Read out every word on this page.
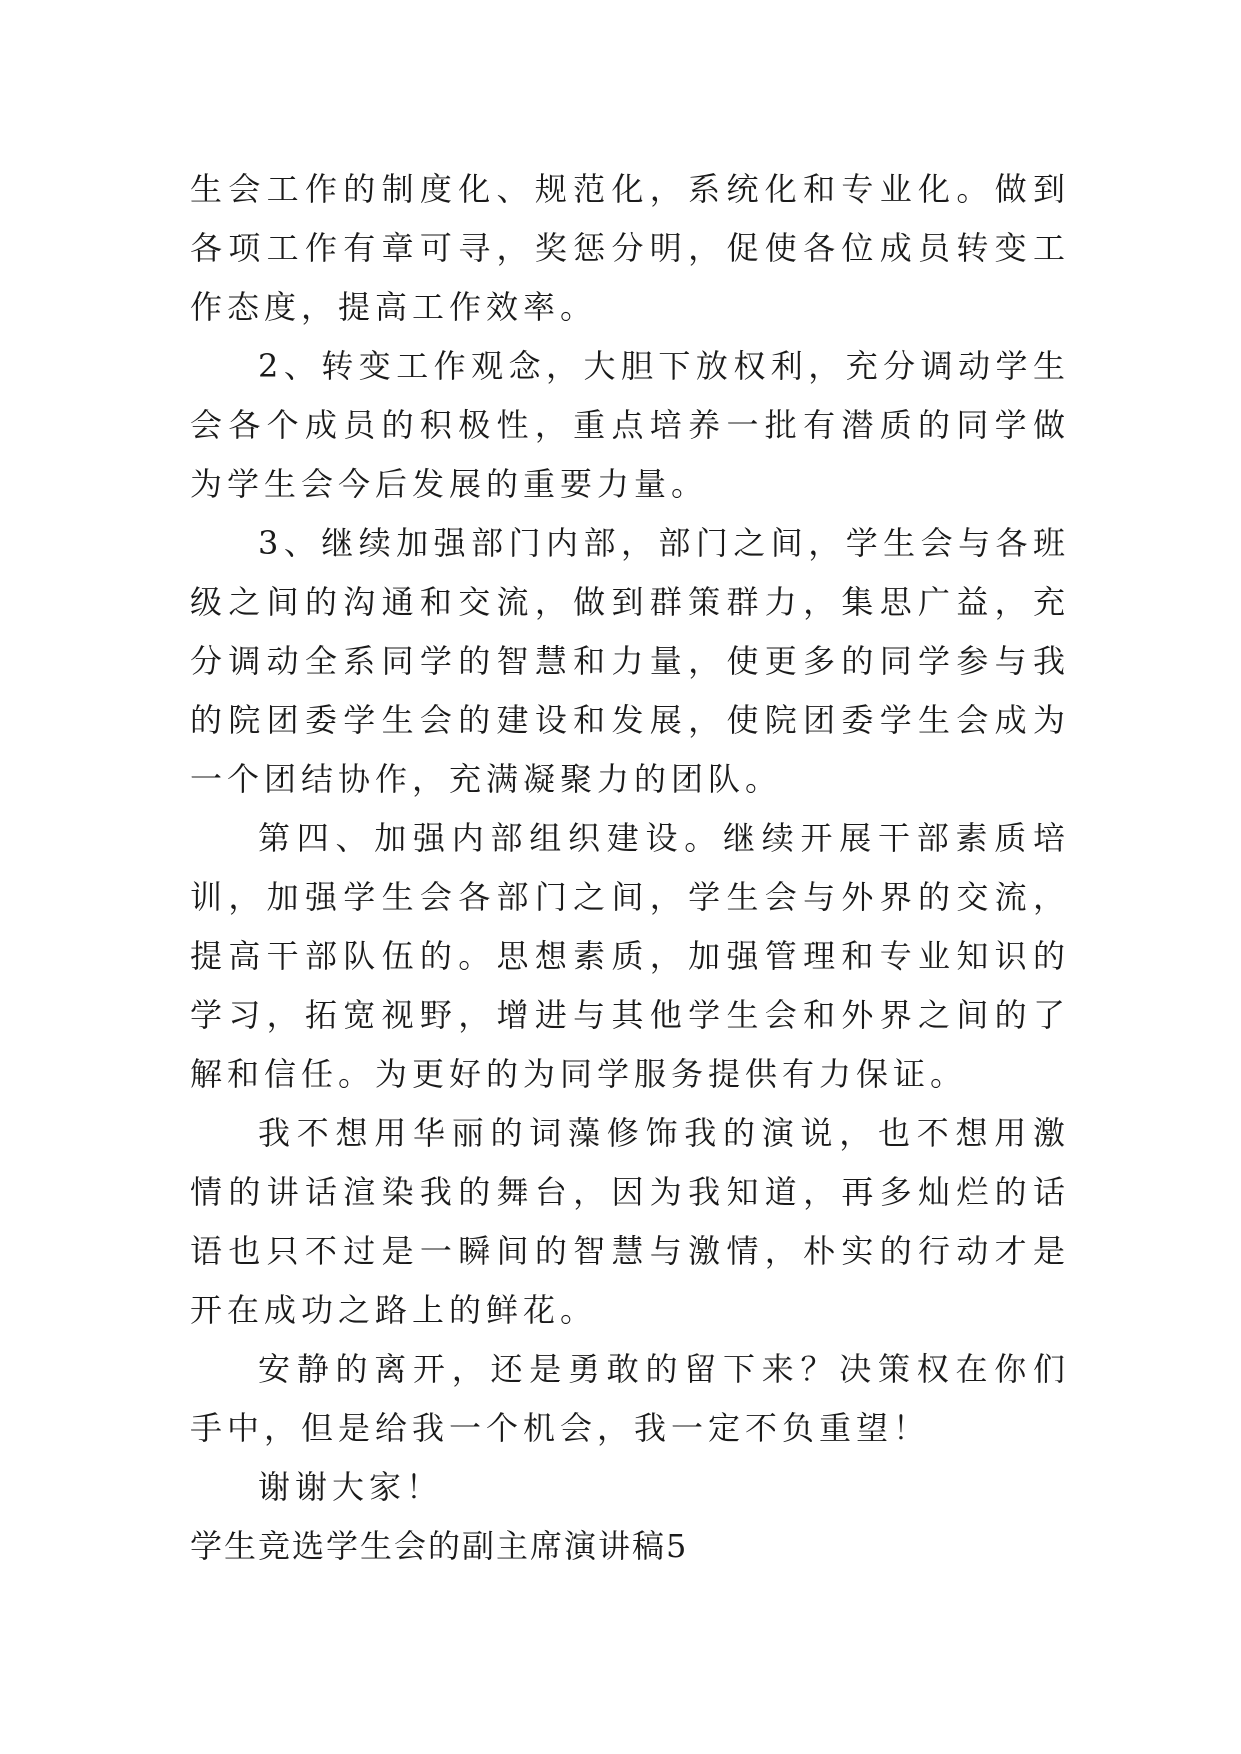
生会工作的制度化、规范化，系统化和专业化。做到各项工作有章可寻，奖惩分明，促使各位成员转变工作态度，提高工作效率。

2、转变工作观念，大胆下放权利，充分调动学生会各个成员的积极性，重点培养一批有潜质的同学做为学生会今后发展的重要力量。

3、继续加强部门内部，部门之间，学生会与各班级之间的沟通和交流，做到群策群力，集思广益，充分调动全系同学的智慧和力量，使更多的同学参与我的院团委学生会的建设和发展，使院团委学生会成为一个团结协作，充满凝聚力的团队。

第四、加强内部组织建设。继续开展干部素质培训，加强学生会各部门之间，学生会与外界的交流，提高干部队伍的。思想素质，加强管理和专业知识的学习，拓宽视野，增进与其他学生会和外界之间的了解和信任。为更好的为同学服务提供有力保证。

我不想用华丽的词藻修饰我的演说，也不想用激情的讲话渲染我的舞台，因为我知道，再多灿烂的话语也只不过是一瞬间的智慧与激情，朴实的行动才是开在成功之路上的鲜花。

安静的离开，还是勇敢的留下来？决策权在你们手中，但是给我一个机会，我一定不负重望！

谢谢大家！

学生竞选学生会的副主席演讲稿5
